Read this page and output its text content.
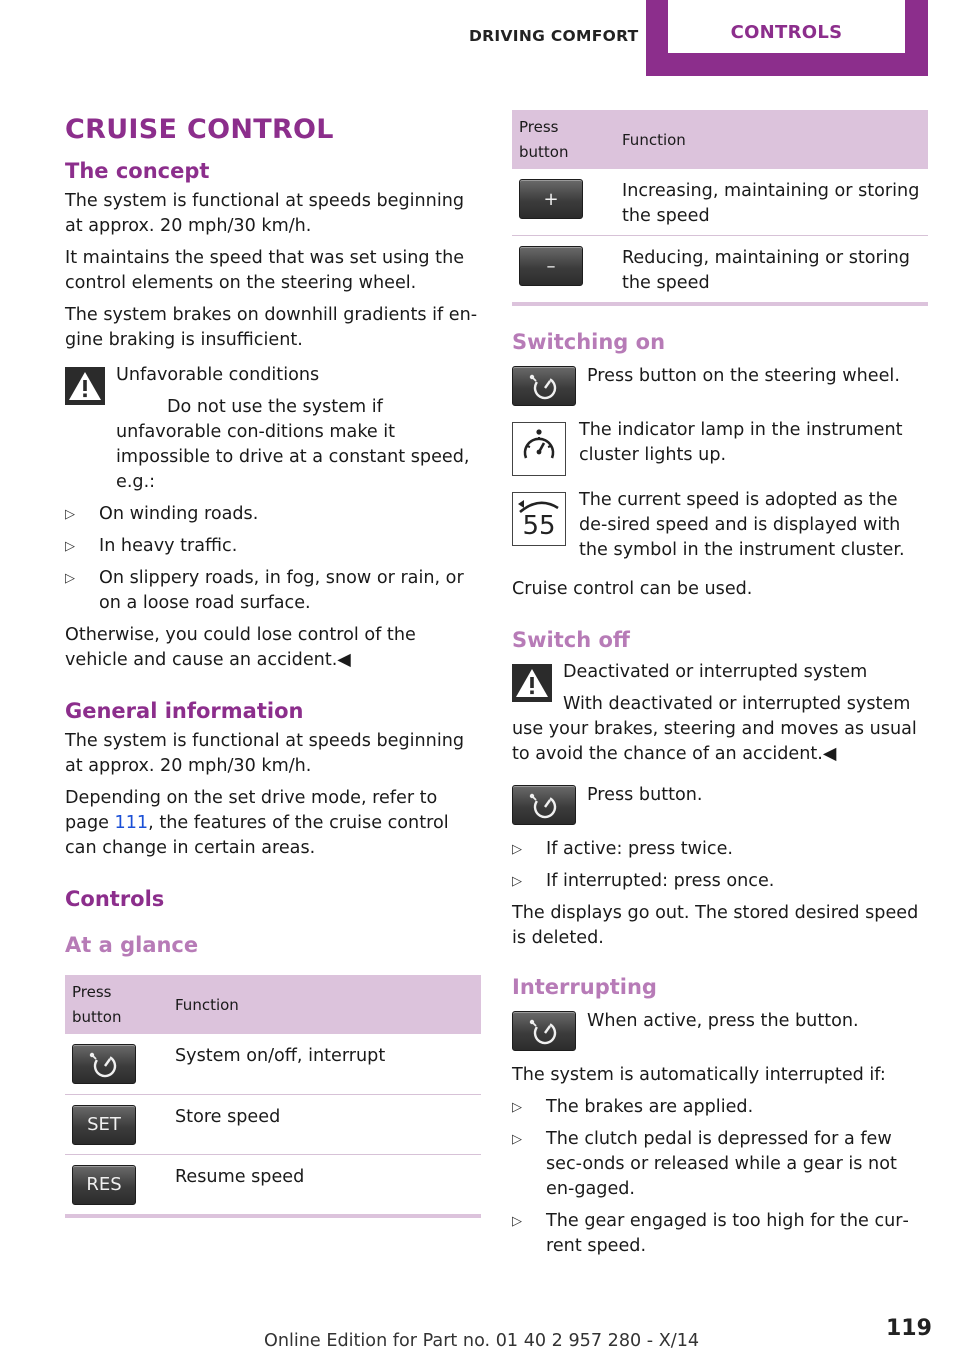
DRIVING COMFORT	CONTROLS
CRUISE CONTROL
The concept

The system is functional at speeds beginning at approx. 20 mph/30 km/h.

It maintains the speed that was set using the control elements on the steering wheel.

The system brakes on downhill gradients if en‐gine braking is insufficient.

Unfavorable conditions

Do not use the system if unfavorable con‐ditions make it impossible to drive at a constant speed, e.g.:

▷ On winding roads.
▷ In heavy traffic.
▷ On slippery roads, in fog, snow or rain, or on a loose road surface.

Otherwise, you could lose control of the vehicle and cause an accident.◀

General information

The system is functional at speeds beginning at approx. 20 mph/30 km/h.

Depending on the set drive mode, refer to page 111, the features of the cruise control can change in certain areas.

Controls
At a glance
Press button	Function

	System on/off, interrupt

SET	Store speed

RES	Resume speed
Press button	Function

+	Increasing, maintaining or storing the speed

–	Reducing, maintaining or storing the speed
Switching on

Press button on the steering wheel.

The indicator lamp in the instrument cluster lights up.

55

The current speed is adopted as the de‐sired speed and is displayed with the symbol in the instrument cluster.

Cruise control can be used.

Switch off

Deactivated or interrupted system

With deactivated or interrupted system use your brakes, steering and moves as usual to avoid the chance of an accident.◀

Press button.

▷ If active: press twice.
▷ If interrupted: press once.

The displays go out. The stored desired speed is deleted.

Interrupting

When active, press the button.

The system is automatically interrupted if:

▷ The brakes are applied.
▷ The clutch pedal is depressed for a few sec‐onds or released while a gear is not en‐gaged.
▷ The gear engaged is too high for the cur‐rent speed.
Online Edition for Part no. 01 40 2 957 280 - X/14	119
